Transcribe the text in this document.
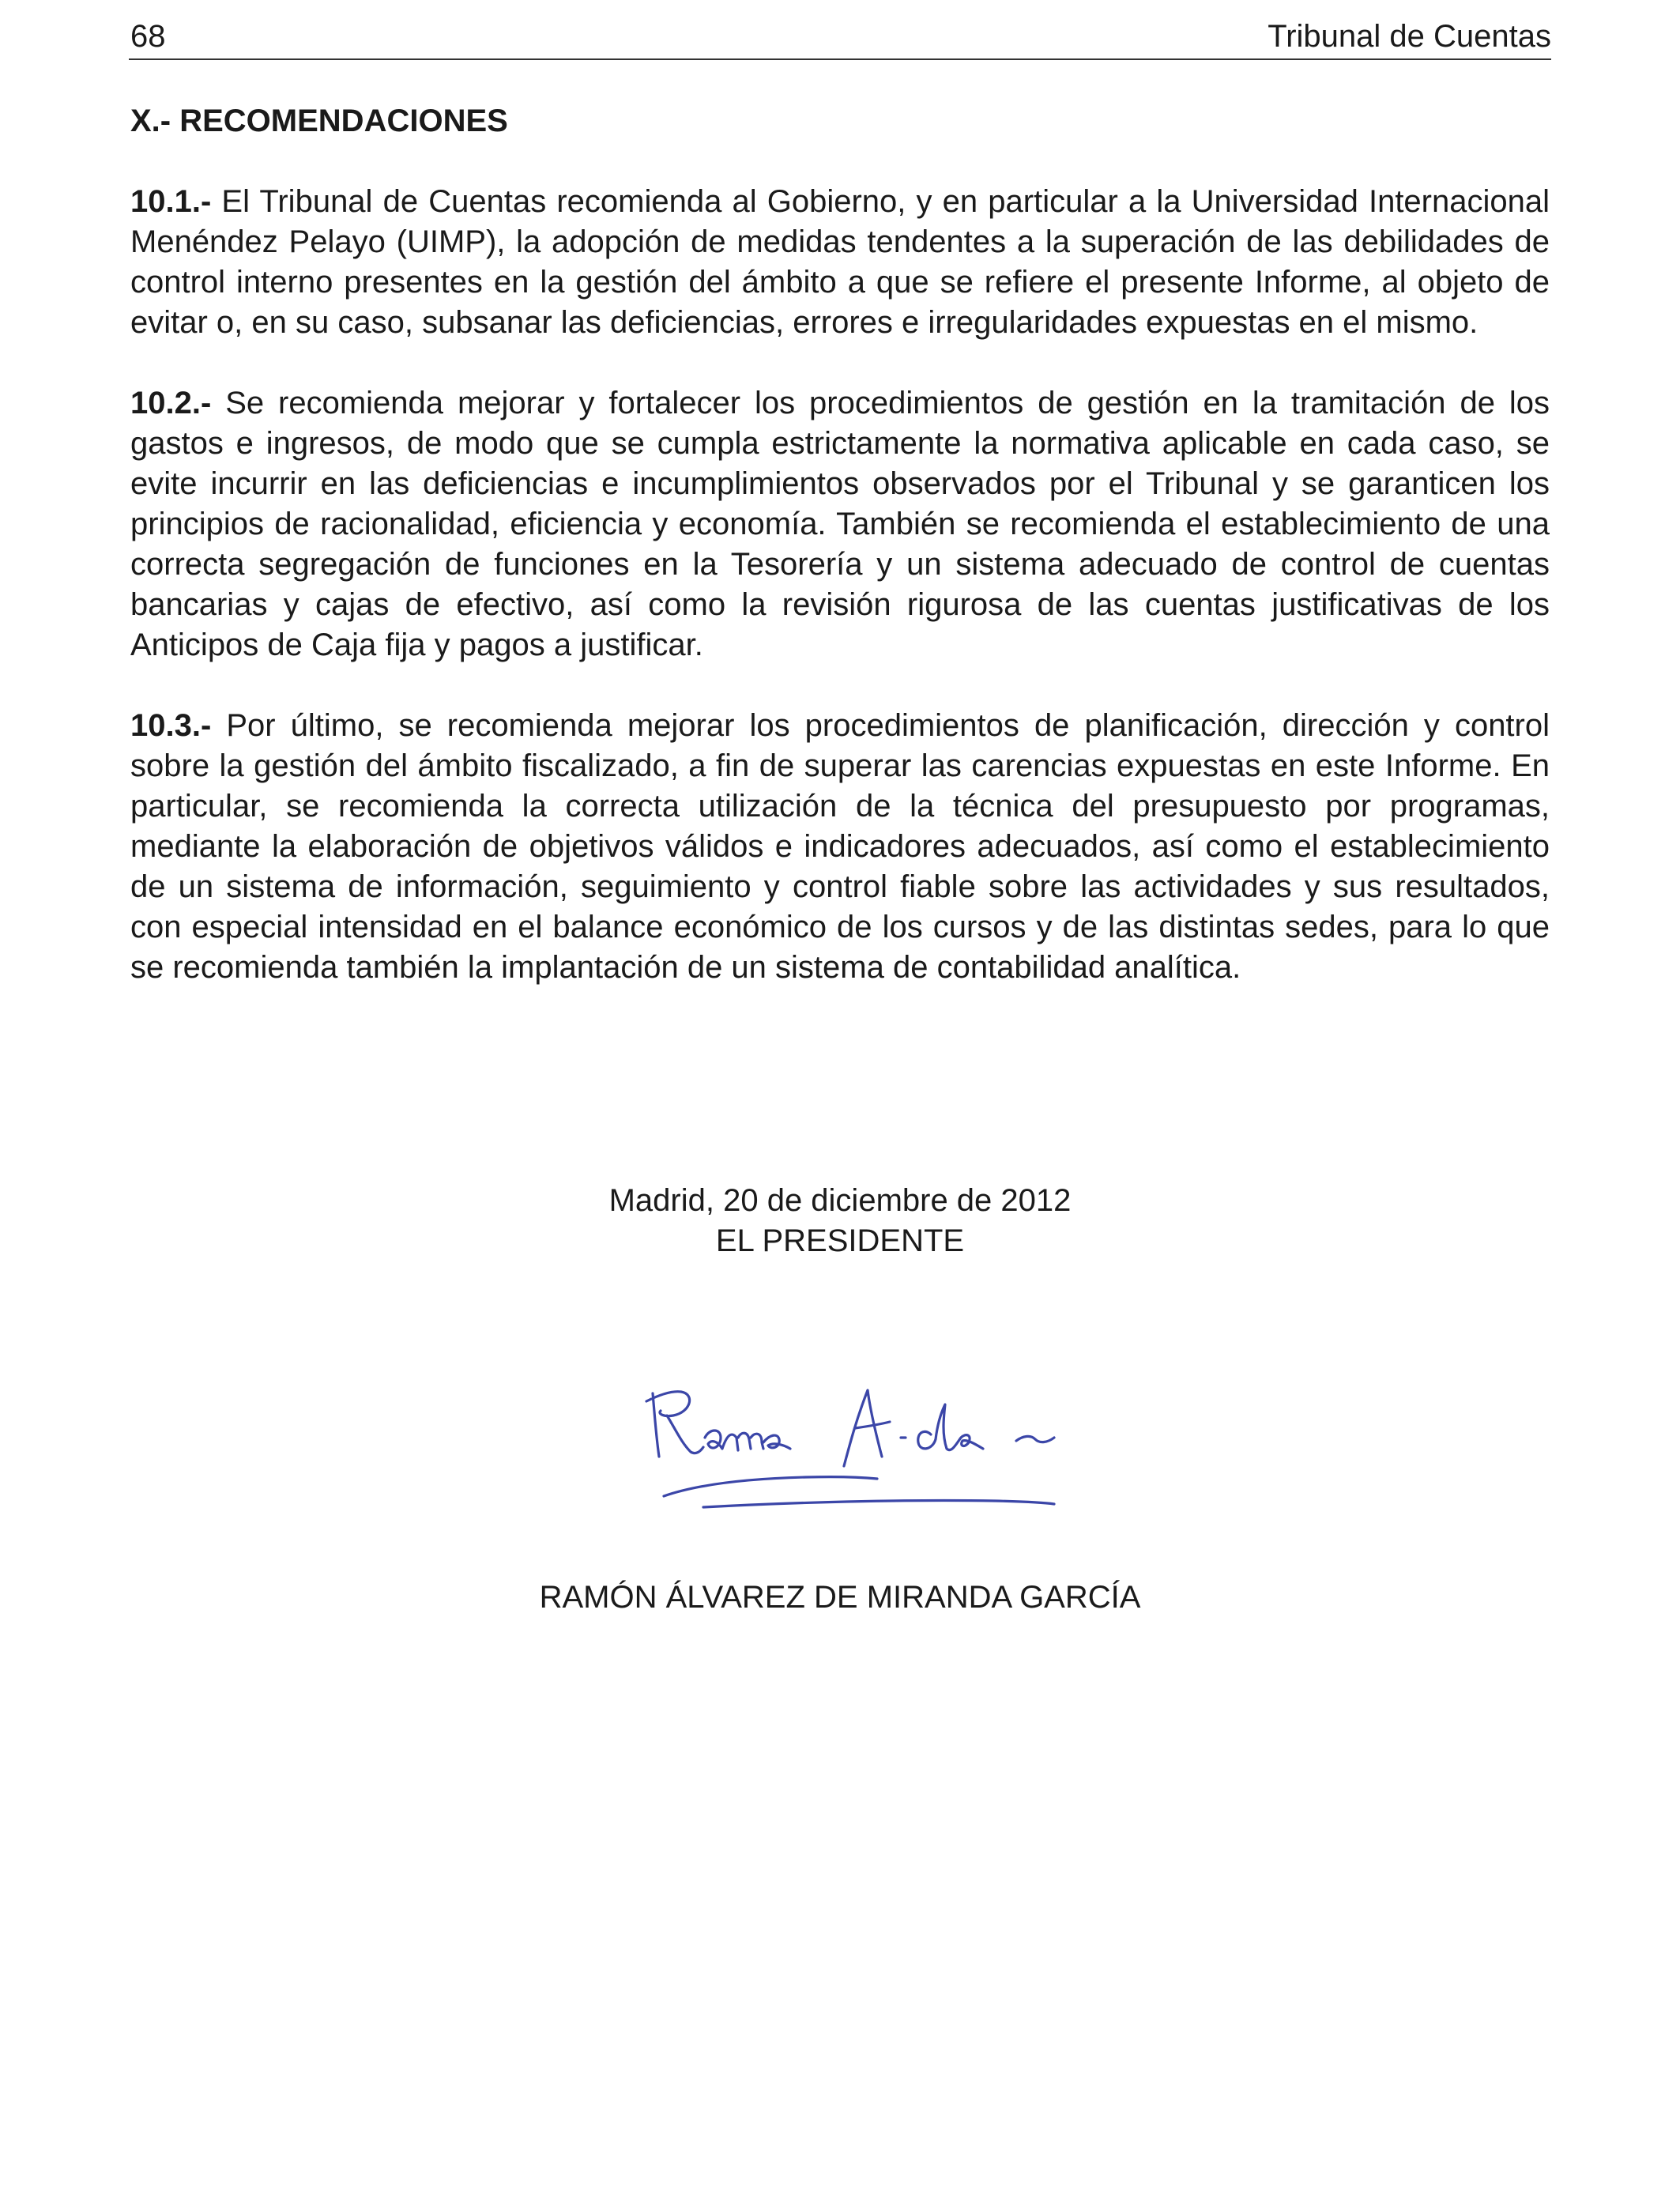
68	Tribunal de Cuentas
X.- RECOMENDACIONES

10.1.- El Tribunal de Cuentas recomienda al Gobierno, y en particular a la Universidad Internacional Menéndez Pelayo (UIMP), la adopción de medidas tendentes a la superación de las debilidades de control interno presentes en la gestión del ámbito a que se refiere el presente Informe, al objeto de evitar o, en su caso, subsanar las deficiencias, errores e irregularidades expuestas en el mismo.

10.2.- Se recomienda mejorar y fortalecer los procedimientos de gestión en la tramitación de los gastos e ingresos, de modo que se cumpla estrictamente la normativa aplicable en cada caso, se evite incurrir en las deficiencias e incumplimientos observados por el Tribunal y se garanticen los principios de racionalidad, eficiencia y economía. También se recomienda el establecimiento de una correcta segregación de funciones en la Tesorería y un sistema adecuado de control de cuentas bancarias y cajas de efectivo, así como la revisión rigurosa de las cuentas justificativas de los Anticipos de Caja fija y pagos a justificar.

10.3.- Por último, se recomienda mejorar los procedimientos de planificación, dirección y control sobre la gestión del ámbito fiscalizado, a fin de superar las carencias expuestas en este Informe. En particular, se recomienda la correcta utilización de la técnica del presupuesto por programas, mediante la elaboración de objetivos válidos e indicadores adecuados, así como el establecimiento de un sistema de información, seguimiento y control fiable sobre las actividades y sus resultados, con especial intensidad en el balance económico de los cursos y de las distintas sedes, para lo que se recomienda también la implantación de un sistema de contabilidad analítica.

Madrid, 20 de diciembre de 2012
EL PRESIDENTE
RAMÓN ÁLVAREZ DE MIRANDA GARCÍA
